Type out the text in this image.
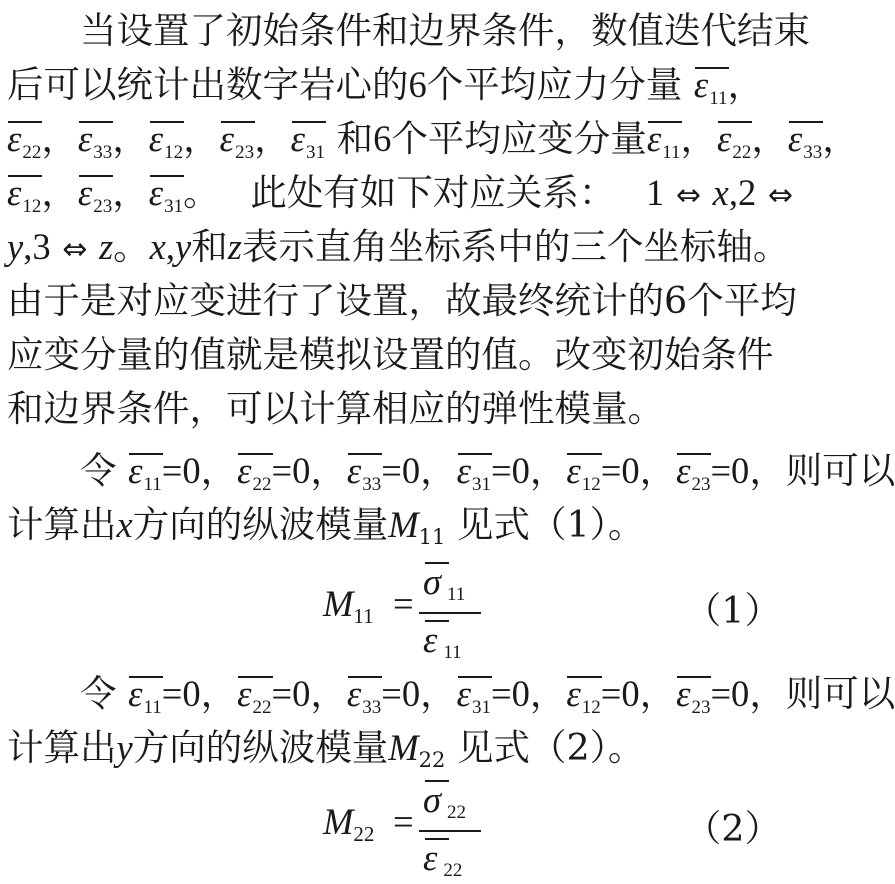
当设置了初始条件和边界条件，数值迭代结束
后可以统计出数字岩心的6个平均应力分量 $\varepsilon_{11}$，
$\varepsilon_{22}$，$\varepsilon_{33}$，$\varepsilon_{12}$，$\varepsilon_{23}$，$\varepsilon_{31}$ 和6个平均应变分量$\varepsilon_{11}$，$\varepsilon_{22}$，$\varepsilon_{33}$，
$\varepsilon_{12}$，$\varepsilon_{23}$，$\varepsilon_{31}$。 此处有如下对应关系： 1 ⇔ x,2 ⇔
y,3 ⇔ z。x,y和z表示直角坐标系中的三个坐标轴。
由于是对应变进行了设置，故最终统计的6个平均
应变分量的值就是模拟设置的值。改变初始条件
和边界条件，可以计算相应的弹性模量。
令 $\varepsilon_{11}=0$，$\varepsilon_{22}=0$，$\varepsilon_{33}=0$，$\varepsilon_{31}=0$，$\varepsilon_{12}=0$，$\varepsilon_{23}=0$，则可以
计算出x方向的纵波模量M11 见式（1）。
M11 =
σ 11
ε 11
（1）
令 $\varepsilon_{11}=0$，$\varepsilon_{22}=0$，$\varepsilon_{33}=0$，$\varepsilon_{31}=0$，$\varepsilon_{12}=0$，$\varepsilon_{23}=0$，则可以
计算出y方向的纵波模量M22 见式（2）。
M22 =
σ 22
ε 22
（2）
